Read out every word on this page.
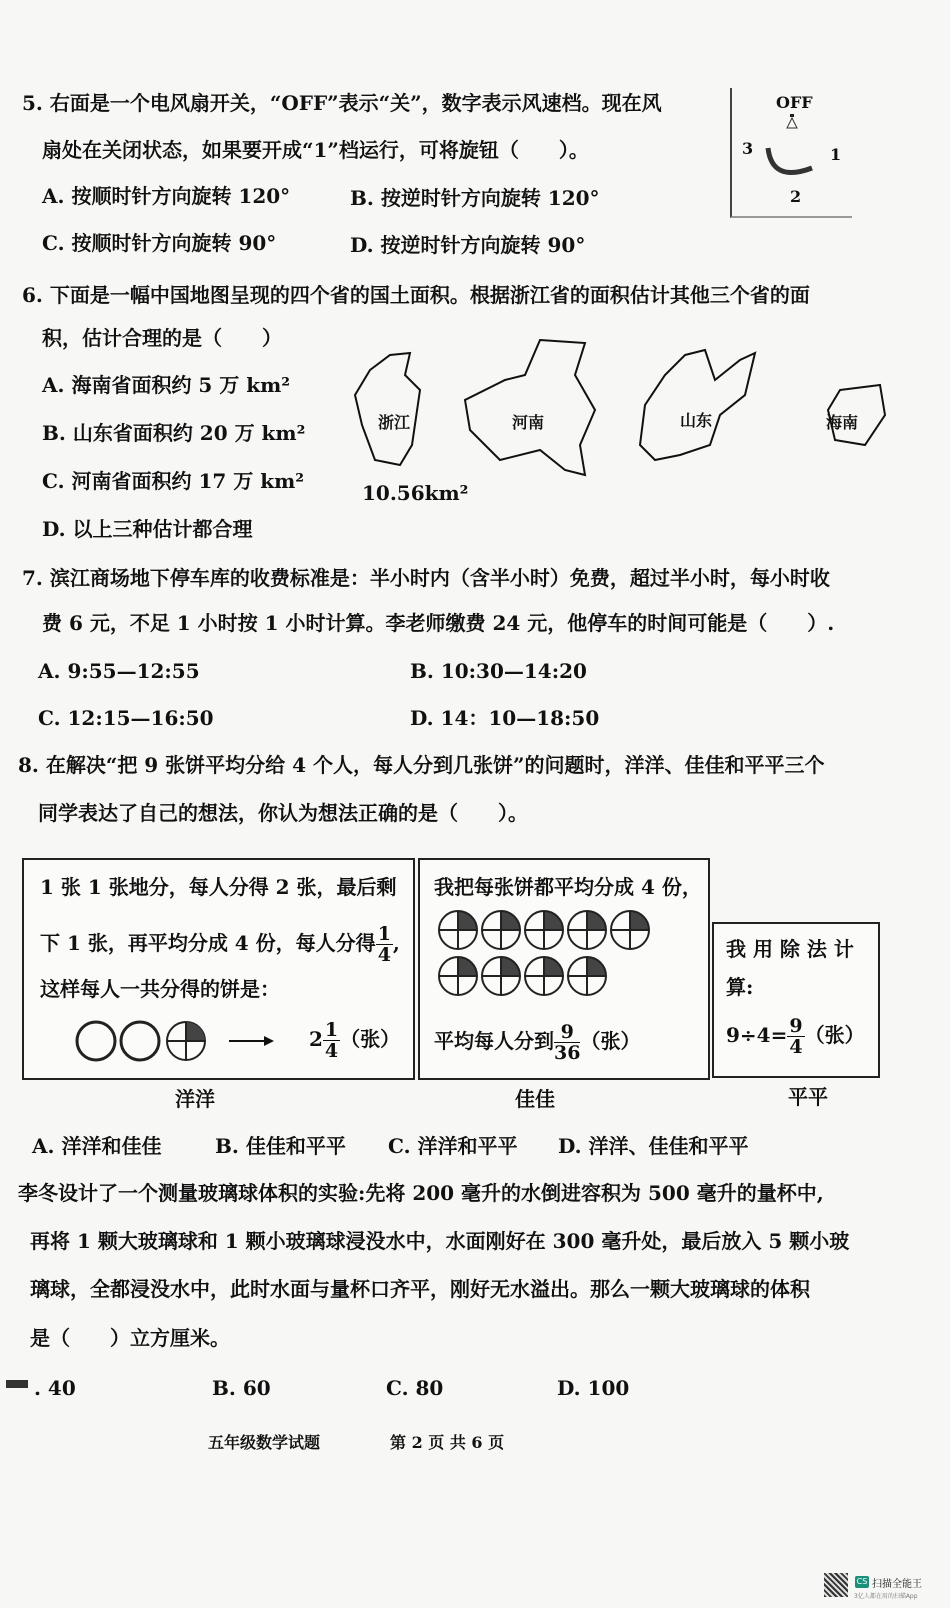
5. 右面是一个电风扇开关，“OFF”表示“关”，数字表示风速档。现在风
扇处在关闭状态，如果要开成“1”档运行，可将旋钮（　　）。
A. 按顺时针方向旋转 120°	B. 按逆时针方向旋转 120°
C. 按顺时针方向旋转 90°	D. 按逆时针方向旋转 90°
OFF
3	1
2
6. 下面是一幅中国地图呈现的四个省的国土面积。根据浙江省的面积估计其他三个省的面
积，估计合理的是（　　）
A. 海南省面积约 5 万 km²
B. 山东省面积约 20 万 km²
C. 河南省面积约 17 万 km²
D. 以上三种估计都合理
浙江	河南	山东	海南
10.56km²
7. 滨江商场地下停车库的收费标准是：半小时内（含半小时）免费，超过半小时，每小时收
费 6 元，不足 1 小时按 1 小时计算。李老师缴费 24 元，他停车的时间可能是（　　）.
A. 9:55—12:55	B. 10:30—14:20
C. 12:15—16:50	D. 14：10—18:50
8. 在解决“把 9 张饼平均分给 4 个人，每人分到几张饼”的问题时，洋洋、佳佳和平平三个
同学表达了自己的想法，你认为想法正确的是（　　）。
1 张 1 张地分，每人分得 2 张，最后剩
下 1 张，再平均分成 4 份，每人分得 $\frac{1}{4}$ ,
这样每人一共分得的饼是：
$2 \frac{1}{4}$ （张）
我把每张饼都平均分成 4 份，
平均每人分到 $\frac{9}{36}$ （张）
我 用 除 法 计
算:
$9\div 4= \frac{9}{4}$ （张）
洋洋	佳佳	平平
A. 洋洋和佳佳	B. 佳佳和平平 C. 洋洋和平平 D. 洋洋、佳佳和平平
李冬设计了一个测量玻璃球体积的实验:先将 200 毫升的水倒进容积为 500 毫升的量杯中,
再将 1 颗大玻璃球和 1 颗小玻璃球浸没水中，水面刚好在 300 毫升处，最后放入 5 颗小玻
璃球，全都浸没水中，此时水面与量杯口齐平，刚好无水溢出。那么一颗大玻璃球的体积
是（　　）立方厘米。
. 40	B. 60	C. 80	D. 100
五年级数学试题	第 2 页 共 6 页
CS 扫描全能王
3亿人都在用的扫描App
